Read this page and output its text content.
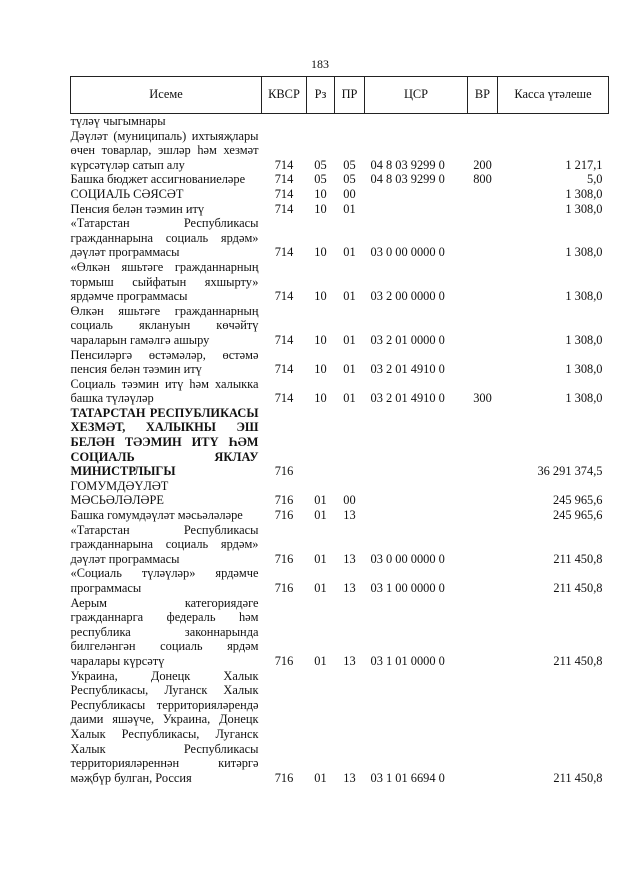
183
Исеме	КВСР	Рз	ПР	ЦСР	ВР	Касса үтәлеше
түләү чыгымнары						
Дәүләт (муниципаль) ихтыяҗлары өчен товарлар, эшләр һәм хезмәт күрсәтүләр сатып алу	714	05	05	04 8 03 9299 0	200	1 217,1
Башка бюджет ассигнованиеләре	714	05	05	04 8 03 9299 0	800	5,0
СОЦИАЛЬ СӘЯСӘТ	714	10	00			1 308,0
Пенсия белән тәэмин итү	714	10	01			1 308,0
«Татарстан Республикасы гражданнарына социаль ярдәм» дәүләт программасы	714	10	01	03 0 00 0000 0		1 308,0
«Өлкән яшьтәге гражданнарның тормыш сыйфатын яхшырту» ярдәмче программасы	714	10	01	03 2 00 0000 0		1 308,0
Өлкән яшьтәге гражданнарның социаль яклануын көчәйтү чараларын гамәлгә ашыру	714	10	01	03 2 01 0000 0		1 308,0
Пенсиләргә өстәмәләр, өстәмә пенсия белән тәэмин итү	714	10	01	03 2 01 4910 0		1 308,0
Социаль тәэмин итү һәм халыкка башка түләүләр	714	10	01	03 2 01 4910 0	300	1 308,0
ТАТАРСТАН РЕСПУБЛИКАСЫ ХЕЗМӘТ, ХАЛЫКНЫ ЭШ БЕЛӘН ТӘЭМИН ИТҮ ҺӘМ СОЦИАЛЬ ЯКЛАУ МИНИСТРЛЫГЫ	716					36 291 374,5
ГОМУМДӘҮЛӘТ МӘСЬӘЛӘЛӘРЕ	716	01	00			245 965,6
Башка гомумдәүләт мәсьәләләре	716	01	13			245 965,6
«Татарстан Республикасы гражданнарына социаль ярдәм» дәүләт программасы	716	01	13	03 0 00 0000 0		211 450,8
«Социаль түләүләр» ярдәмче программасы	716	01	13	03 1 00 0000 0		211 450,8
Аерым категориядәге гражданнарга федераль һәм республика законнарында билгеләнгән социаль ярдәм чаралары күрсәтү	716	01	13	03 1 01 0000 0		211 450,8
Украина, Донецк Халык Республикасы, Луганск Халык Республикасы территорияләрендә даими яшәүче, Украина, Донецк Халык Республикасы, Луганск Халык Республикасы территорияләреннән китәргә мәҗбүр булган, Россия	716	01	13	03 1 01 6694 0		211 450,8
